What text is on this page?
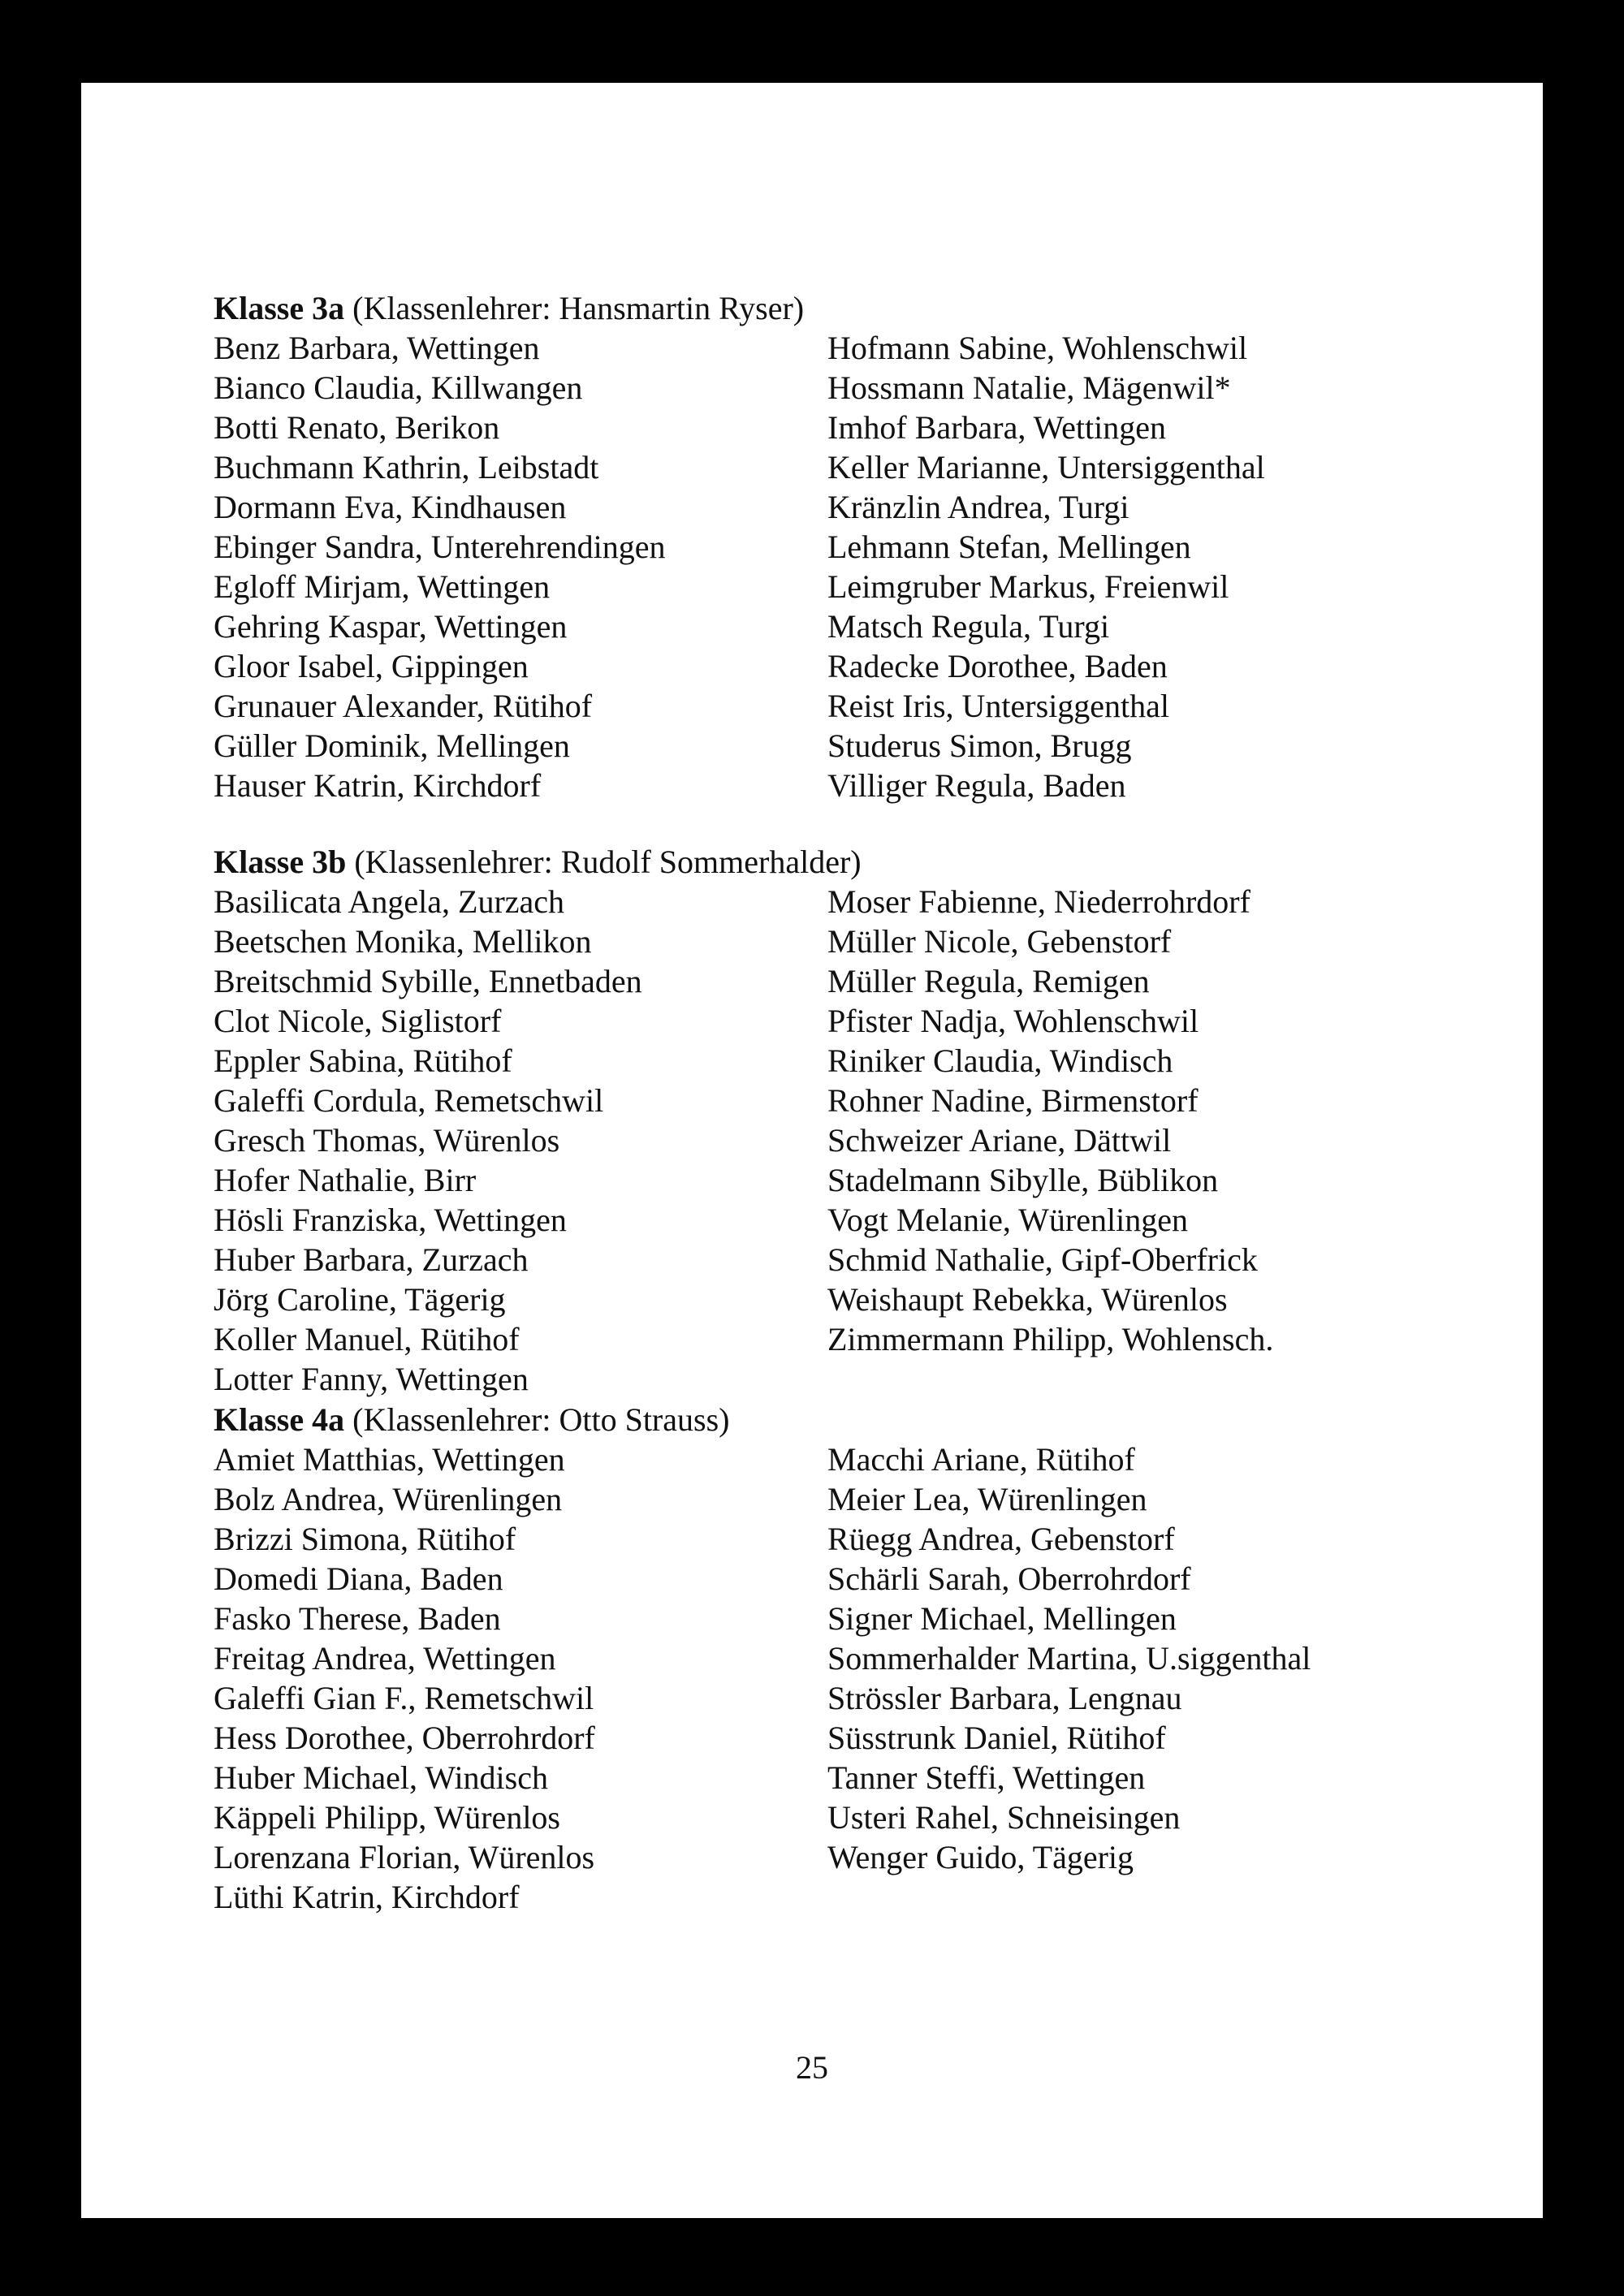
Klasse 3a (Klassenlehrer: Hansmartin Ryser)
Benz Barbara, Wettingen
Bianco Claudia, Killwangen
Botti Renato, Berikon
Buchmann Kathrin, Leibstadt
Dormann Eva, Kindhausen
Ebinger Sandra, Unterehrendingen
Egloff Mirjam, Wettingen
Gehring Kaspar, Wettingen
Gloor Isabel, Gippingen
Grunauer Alexander, Rütihof
Güller Dominik, Mellingen
Hauser Katrin, Kirchdorf
Hofmann Sabine, Wohlenschwil
Hossmann Natalie, Mägenwil*
Imhof Barbara, Wettingen
Keller Marianne, Untersiggenthal
Kränzlin Andrea, Turgi
Lehmann Stefan, Mellingen
Leimgruber Markus, Freienwil
Matsch Regula, Turgi
Radecke Dorothee, Baden
Reist Iris, Untersiggenthal
Studerus Simon, Brugg
Villiger Regula, Baden
Klasse 3b (Klassenlehrer: Rudolf Sommerhalder)
Basilicata Angela, Zurzach
Beetschen Monika, Mellikon
Breitschmid Sybille, Ennetbaden
Clot Nicole, Siglistorf
Eppler Sabina, Rütihof
Galeffi Cordula, Remetschwil
Gresch Thomas, Würenlos
Hofer Nathalie, Birr
Hösli Franziska, Wettingen
Huber Barbara, Zurzach
Jörg Caroline, Tägerig
Koller Manuel, Rütihof
Lotter Fanny, Wettingen
Moser Fabienne, Niederrohrdorf
Müller Nicole, Gebenstorf
Müller Regula, Remigen
Pfister Nadja, Wohlenschwil
Riniker Claudia, Windisch
Rohner Nadine, Birmenstorf
Schweizer Ariane, Dättwil
Stadelmann Sibylle, Büblikon
Vogt Melanie, Würenlingen
Schmid Nathalie, Gipf-Oberfrick
Weishaupt Rebekka, Würenlos
Zimmermann Philipp, Wohlensch.
Klasse 4a (Klassenlehrer: Otto Strauss)
Amiet Matthias, Wettingen
Bolz Andrea, Würenlingen
Brizzi Simona, Rütihof
Domedi Diana, Baden
Fasko Therese, Baden
Freitag Andrea, Wettingen
Galeffi Gian F., Remetschwil
Hess Dorothee, Oberrohrdorf
Huber Michael, Windisch
Käppeli Philipp, Würenlos
Lorenzana Florian, Würenlos
Lüthi Katrin, Kirchdorf
Macchi Ariane, Rütihof
Meier Lea, Würenlingen
Rüegg Andrea, Gebenstorf
Schärli Sarah, Oberrohrdorf
Signer Michael, Mellingen
Sommerhalder Martina, U.siggenthal
Strössler Barbara, Lengnau
Süsstrunk Daniel, Rütihof
Tanner Steffi, Wettingen
Usteri Rahel, Schneisingen
Wenger Guido, Tägerig
25
